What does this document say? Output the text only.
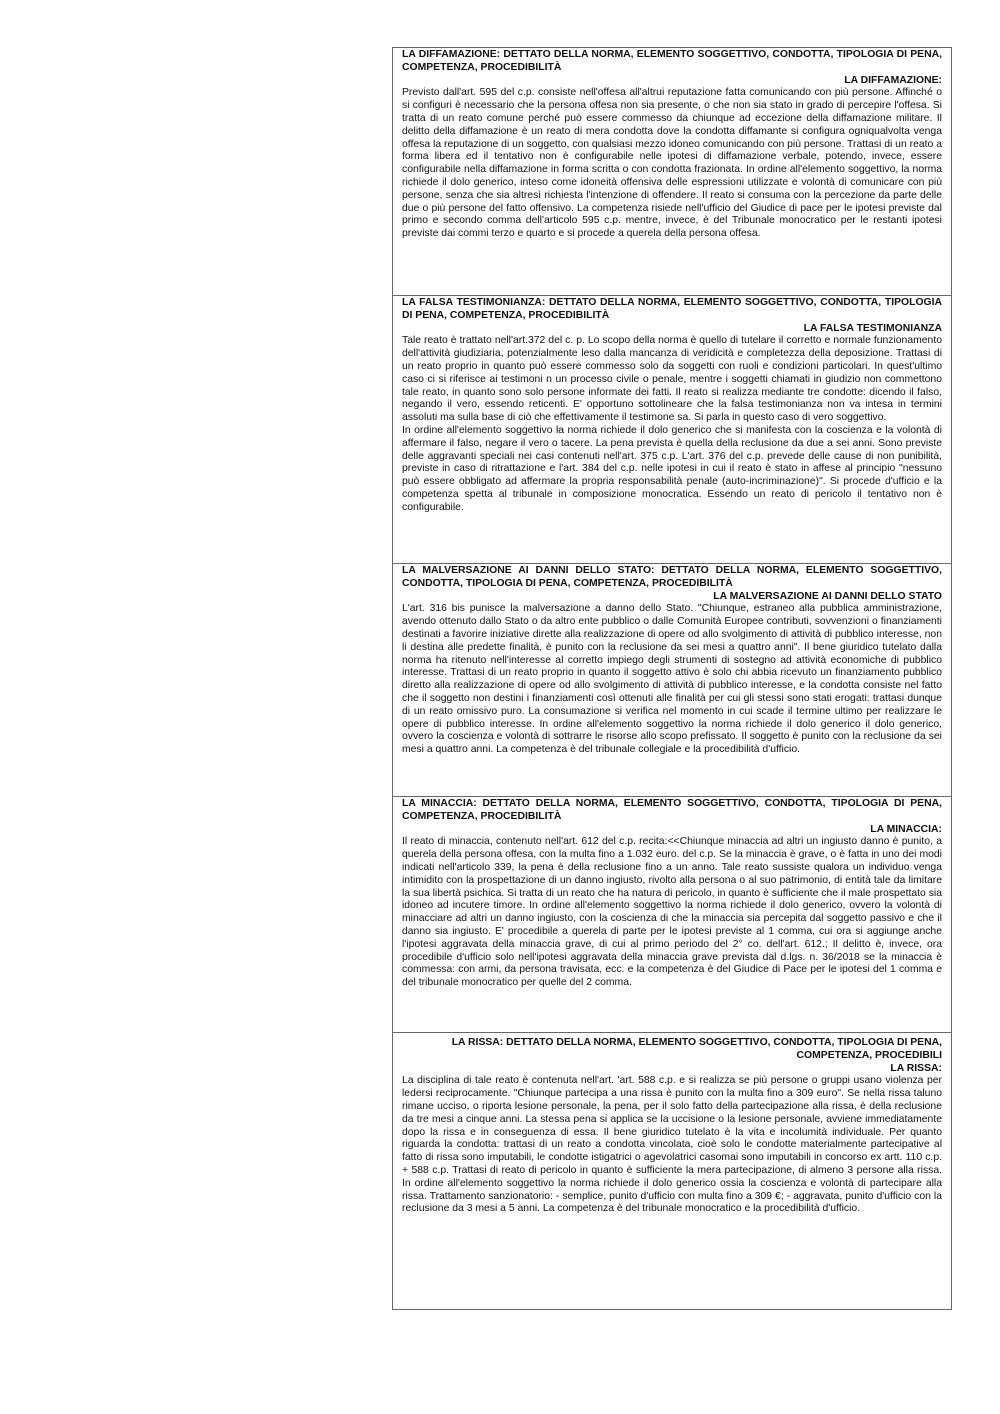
LA DIFFAMAZIONE: DETTATO DELLA NORMA, ELEMENTO SOGGETTIVO, CONDOTTA, TIPOLOGIA DI PENA, COMPETENZA, PROCEDIBILITÀ

LA DIFFAMAZIONE:

Previsto dall'art. 595 del c.p. consiste nell'offesa all'altrui reputazione fatta comunicando con più persone. Affinché o si configuri è necessario che la persona offesa non sia presente, o che non sia stato in grado di percepire l'offesa. Si tratta di un reato comune perché può essere commesso da chiunque ad eccezione della diffamazione militare. Il delitto della diffamazione è un reato di mera condotta dove la condotta diffamante si configura ogniqualvolta venga offesa la reputazione di un soggetto, con qualsiasi mezzo idoneo comunicando con più persone. Trattasi di un reato a forma libera ed il tentativo non è configurabile nelle ipotesi di diffamazione verbale, potendo, invece, essere configurabile nella diffamazione in forma scritta o con condotta frazionata. In ordine all'elemento soggettivo, la norma richiede il dolo generico, inteso come idoneità offensiva delle espressioni utilizzate e volontà di comunicare con più persone, senza che sia altresì richiesta l'intenzione di offendere. Il reato si consuma con la percezione da parte delle due o più persone del fatto offensivo. La competenza risiede nell'ufficio del Giudice di pace per le ipotesi previste dal primo e secondo comma dell'articolo 595 c.p. mentre, invece, è del Tribunale monocratico per le restanti ipotesi previste dai commi terzo e quarto e si procede a querela della persona offesa.

LA FALSA TESTIMONIANZA: DETTATO DELLA NORMA, ELEMENTO SOGGETTIVO, CONDOTTA, TIPOLOGIA DI PENA, COMPETENZA, PROCEDIBILITÀ

LA FALSA TESTIMONIANZA

Tale reato è trattato nell'art.372 del c. p. Lo scopo della norma è quello di tutelare il corretto e normale funzionamento dell'attività giudiziaria, potenzialmente leso dalla mancanza di veridicità e completezza della deposizione. Trattasi di un reato proprio in quanto può essere commesso solo da soggetti con ruoli e condizioni particolari. In quest'ultimo caso ci si riferisce ai testimoni n un processo civile o penale, mentre i soggetti chiamati in giudizio non commettono tale reato, in quanto sono solo persone informate dei fatti. Il reato si realizza mediante tre condotte: dicendo il falso, negando il vero, essendo reticenti. E' opportuno sottolineare che la falsa testimonianza non va intesa in termini assoluti ma sulla base di ciò che effettivamente il testimone sa. Si parla in questo caso di vero soggettivo.

In ordine all'elemento soggettivo la norma richiede il dolo generico che si manifesta con la coscienza e la volontà di affermare il falso, negare il vero o tacere. La pena prevista è quella della reclusione da due a sei anni. Sono previste delle aggravanti speciali nei casi contenuti nell'art. 375 c.p. L'art. 376 del c.p. prevede delle cause di non punibilità, previste in caso di ritrattazione e l'art. 384 del c.p. nelle ipotesi in cui il reato è stato in affese al principio "nessuno può essere obbligato ad affermare la propria responsabilità penale (auto-incriminazione)". Si procede d'ufficio e la competenza spetta al tribunale in composizione monocratica. Essendo un reato di pericolo il tentativo non è configurabile.

LA MALVERSAZIONE AI DANNI DELLO STATO: DETTATO DELLA NORMA, ELEMENTO SOGGETTIVO, CONDOTTA, TIPOLOGIA DI PENA, COMPETENZA, PROCEDIBILITÀ

LA MALVERSAZIONE AI DANNI DELLO STATO

L'art. 316 bis punisce la malversazione a danno dello Stato. "Chiunque, estraneo alla pubblica amministrazione, avendo ottenuto dallo Stato o da altro ente pubblico o dalle Comunità Europee contributi, sovvenzioni o finanziamenti destinati a favorire iniziative dirette alla realizzazione di opere od allo svolgimento di attività di pubblico interesse, non li destina alle predette finalità, è punito con la reclusione da sei mesi a quattro anni". Il bene giuridico tutelato dalla norma ha ritenuto nell'interesse al corretto impiego degli strumenti di sostegno ad attività economiche di pubblico interesse. Trattasi di un reato proprio in quanto il soggetto attivo è solo chi abbia ricevuto un finanziamento pubblico diretto alla realizzazione di opere od allo svolgimento di attività di pubblico interesse, e la condotta consiste nel fatto che il soggetto non destini i finanziamenti così ottenuti alle finalità per cui gli stessi sono stati erogati: trattasi dunque di un reato omissivo puro. La consumazione si verifica nel momento in cui scade il termine ultimo per realizzare le opere di pubblico interesse. In ordine all'elemento soggettivo la norma richiede il dolo generico il dolo generico, ovvero la coscienza e volontà di sottrarre le risorse allo scopo prefissato. Il soggetto è punito con la reclusione da sei mesi a quattro anni. La competenza è del tribunale collegiale e la procedibilità d'ufficio.

LA MINACCIA: DETTATO DELLA NORMA, ELEMENTO SOGGETTIVO, CONDOTTA, TIPOLOGIA DI PENA, COMPETENZA, PROCEDIBILITÀ

LA MINACCIA:

Il reato di minaccia, contenuto nell'art. 612 del c.p. recita:<<Chiunque minaccia ad altri un ingiusto danno è punito, a querela della persona offesa, con la multa fino a 1.032 euro. del c.p. Se la minaccia è grave, o è fatta in uno dei modi indicati nell'articolo 339, la pena è della reclusione fino a un anno. Tale reato sussiste qualora un individuo venga intimidito con la prospettazione di un danno ingiusto, rivolto alla persona o al suo patrimonio, di entità tale da limitare la sua libertà psichica. Si tratta di un reato che ha natura di pericolo, in quanto è sufficiente che il male prospettato sia idoneo ad incutere timore. In ordine all'elemento soggettivo la norma richiede il dolo generico, ovvero la volontà di minacciare ad altri un danno ingiusto, con la coscienza di che la minaccia sia percepita dal soggetto passivo e che il danno sia ingiusto. E' procedibile a querela di parte per le ipotesi previste al 1 comma, cui ora si aggiunge anche l'ipotesi aggravata della minaccia grave, di cui al primo periodo del 2° co. dell'art. 612.; Il delitto è, invece, ora procedibile d'ufficio solo nell'ipotesi aggravata della minaccia grave prevista dal d.lgs. n. 36/2018 se la minaccia è commessa: con armi, da persona travisata, ecc. e la competenza è del Giudice di Pace per le ipotesi del 1 comma e del tribunale monocratico per quelle del 2 comma.

LA RISSA: DETTATO DELLA NORMA, ELEMENTO SOGGETTIVO, CONDOTTA, TIPOLOGIA DI PENA, COMPETENZA, PROCEDIBILI

LA RISSA:

La disciplina di tale reato è contenuta nell'art. 'art. 588 c.p. e si realizza se più persone o gruppi usano violenza per ledersi reciprocamente. "Chiunque partecipa a una rissa è punito con la multa fino a 309 euro". Se nella rissa taluno rimane ucciso, o riporta lesione personale, la pena, per il solo fatto della partecipazione alla rissa, è della reclusione da tre mesi a cinque anni. La stessa pena si applica se la uccisione o la lesione personale, avviene immediatamente dopo la rissa e in conseguenza di essa. Il bene giuridico tutelato è la vita e incolumità individuale. Per quanto riguarda la condotta: trattasi di un reato a condotta vincolata, cioè solo le condotte materialmente partecipative al fatto di rissa sono imputabili, le condotte istigatrici o agevolatrici casomai sono imputabili in concorso ex artt. 110 c.p. + 588 c.p. Trattasi di reato di pericolo in quanto è sufficiente la mera partecipazione, di almeno 3 persone alla rissa. In ordine all'elemento soggettivo la norma richiede il dolo generico ossia la coscienza e volontà di partecipare alla rissa. Trattamento sanzionatorio: - semplice, punito d'ufficio con multa fino a 309 €; - aggravata, punito d'ufficio con la reclusione da 3 mesi a 5 anni. La competenza è del tribunale monocratico e la procedibilità d'ufficio.
